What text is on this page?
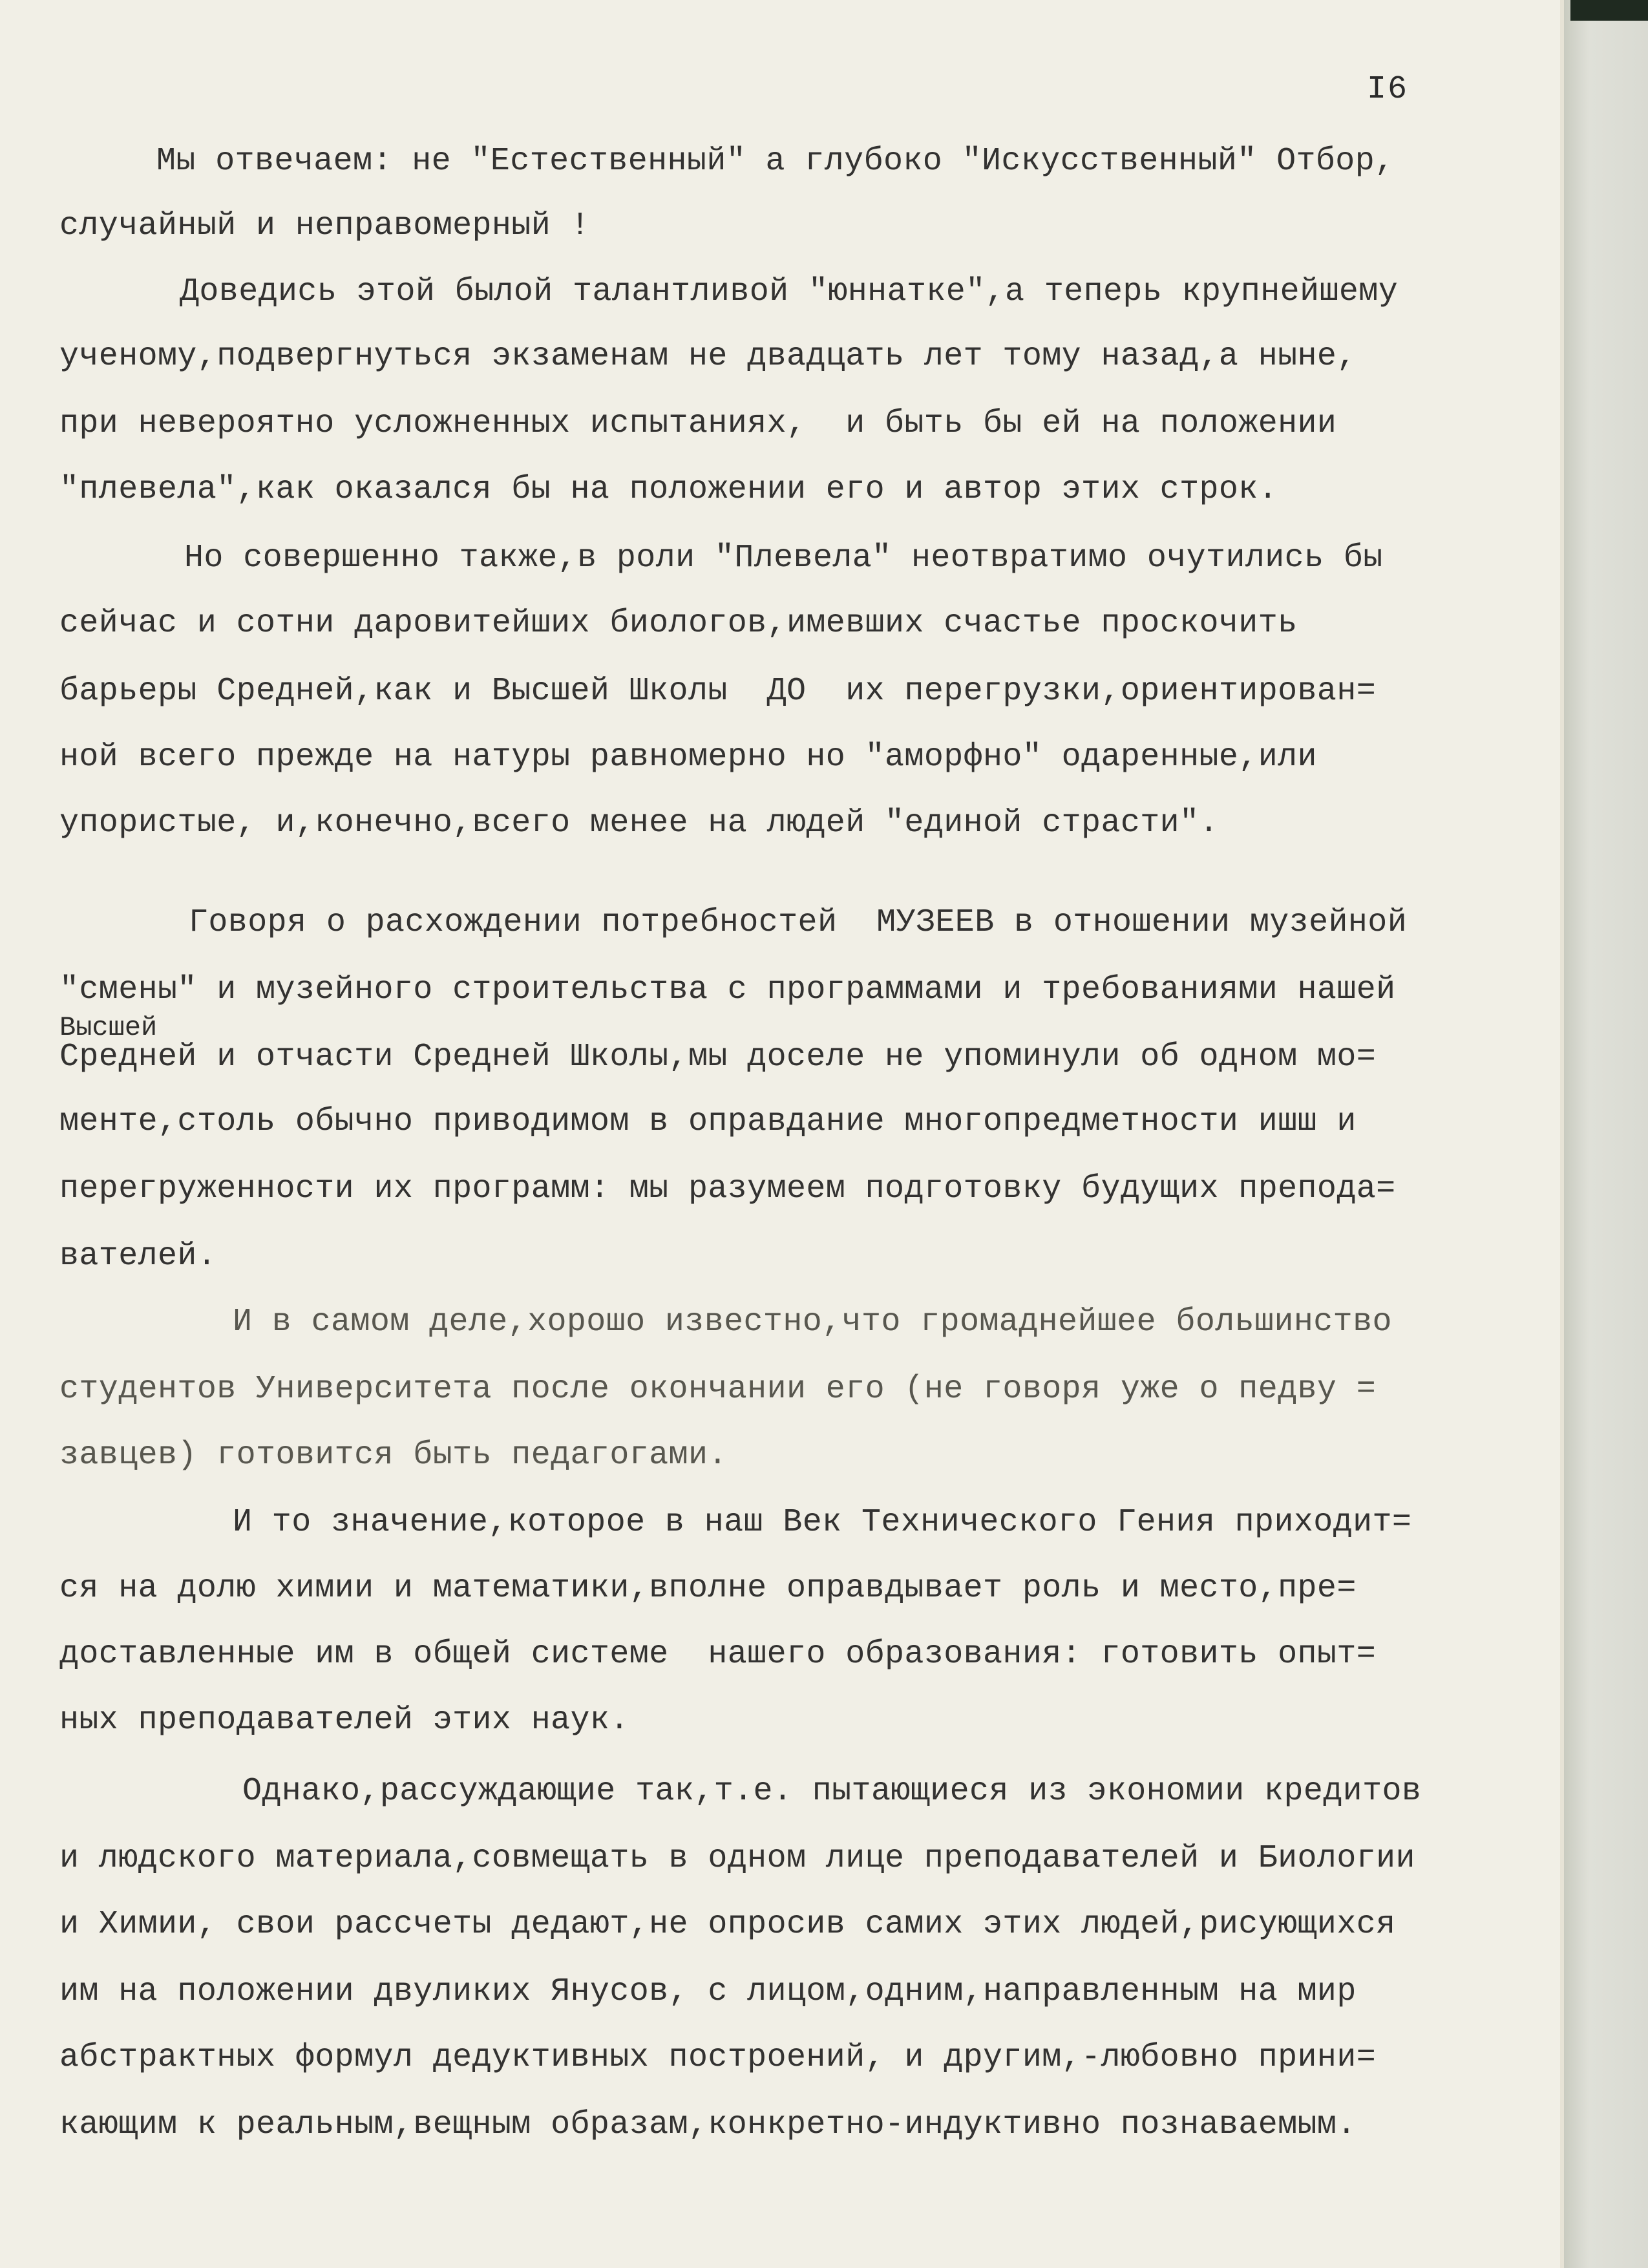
I6
Мы отвечаем: не "Естественный" а глубоко "Искусственный" Отбор,
случайный и неправомерный !
Доведись этой былой талантливой "юннатке",а теперь крупнейшему
ученому,подвергнуться экзаменам не двадцать лет тому назад,а ныне,
при невероятно усложненных испытаниях,  и быть бы ей на положении
"плевела",как оказался бы на положении его и автор этих строк.
Но совершенно также,в роли "Плевела" неотвратимо очутились бы
сейчас и сотни даровитейших биологов,имевших счастье проскочить
барьеры Средней,как и Высшей Школы  ДО  их перегрузки,ориентирован=
ной всего прежде на натуры равномерно но "аморфно" одаренные,или
упористые, и,конечно,всего менее на людей "единой страсти".
Говоря о расхождении потребностей  МУЗЕЕВ в отношении музейной
"смены" и музейного строительства с программами и требованиями нашей
Высшей
Средней и отчасти Средней Школы,мы доселе не упоминули об одном мо=
менте,столь обычно приводимом в оправдание многопредметности ишш и
перегруженности их программ: мы разумеем подготовку будущих препода=
вателей.
И в самом деле,хорошо известно,что громаднейшее большинство
студентов Университета после окончании его (не говоря уже о педву =
завцев) готовится быть педагогами.
И то значение,которое в наш Век Технического Гения приходит=
ся на долю химии и математики,вполне оправдывает роль и место,пре=
доставленные им в общей системе  нашего образования: готовить опыт=
ных преподавателей этих наук.
Однако,рассуждающие так,т.е. пытающиеся из экономии кредитов
и людского материала,совмещать в одном лице преподавателей и Биологии
и Химии, свои рассчеты дедают,не опросив самих этих людей,рисующихся
им на положении двуликих Янусов, с лицом,одним,направленным на мир
абстрактных формул дедуктивных построений, и другим,-любовно прини=
кающим к реальным,вещным образам,конкретно-индуктивно познаваемым.
